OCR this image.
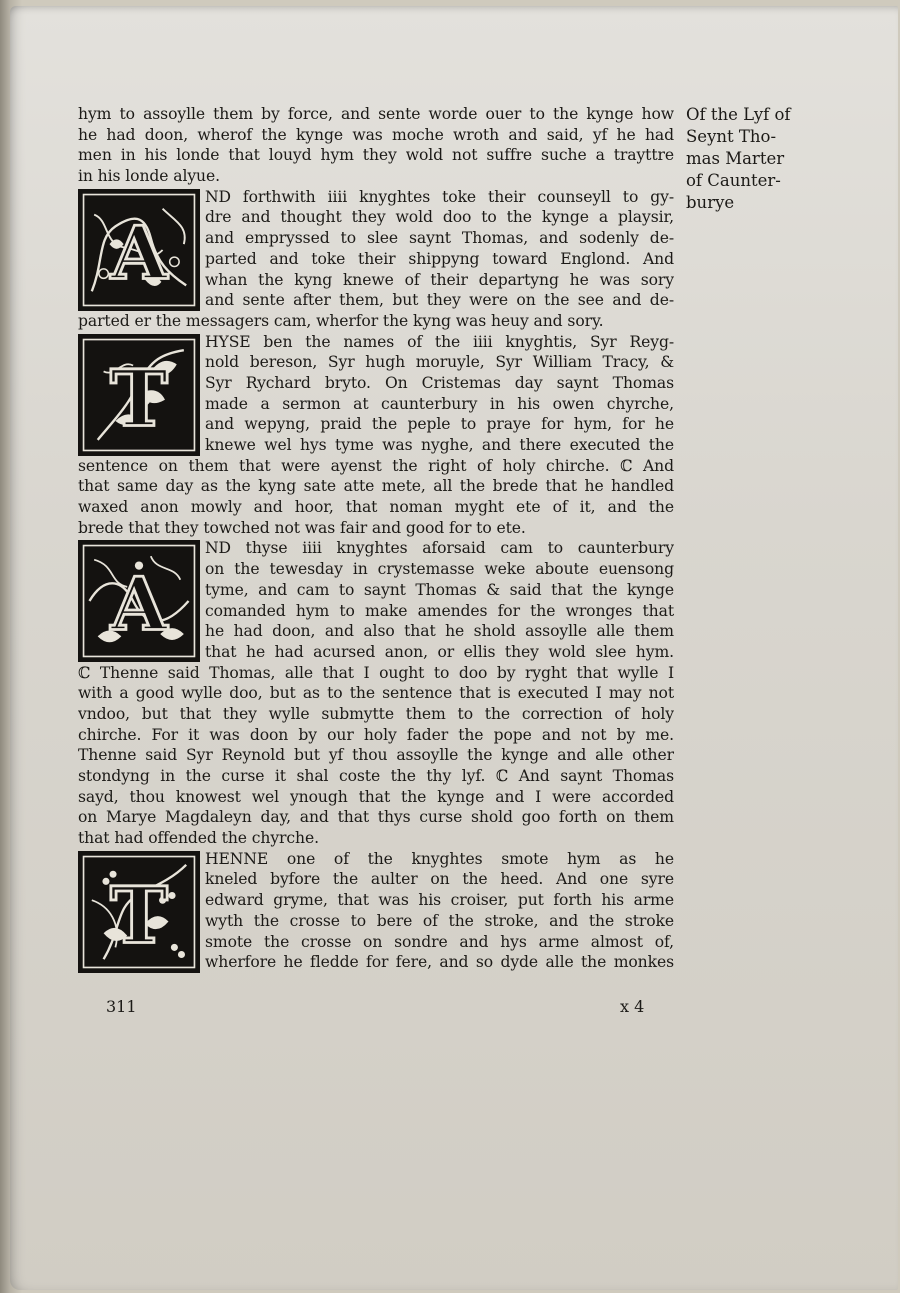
hym to assoylle them by force, and sente worde ouer to the kynge how
he had doon, wherof the kynge was moche wroth and said, yf he had
men in his londe that louyd hym they wold not suffre suche a trayttre
in his londe alyue.
A
ND forthwith iiii knyghtes toke their counseyll to gy-
dre and thought they wold doo to the kynge a playsir,
and empryssed to slee saynt Thomas, and sodenly de-
parted and toke their shippyng toward Englond. And
whan the kyng knewe of their departyng he was sory
and sente after them, but they were on the see and de-
parted er the messagers cam, wherfor the kyng was heuy and sory.
T
HYSE ben the names of the iiii knyghtis, Syr Reyg-
nold bereson, Syr hugh moruyle, Syr William Tracy, &
Syr Rychard bryto. On Cristemas day saynt Thomas
made a sermon at caunterbury in his owen chyrche,
and wepyng, praid the peple to praye for hym, for he
knewe wel hys tyme was nyghe, and there executed the
sentence on them that were ayenst the right of holy chirche. ℂ And
that same day as the kyng sate atte mete, all the brede that he handled
waxed anon mowly and hoor, that noman myght ete of it, and the
brede that they towched not was fair and good for to ete.
A
ND thyse iiii knyghtes aforsaid cam to caunterbury
on the tewesday in crystemasse weke aboute euensong
tyme, and cam to saynt Thomas & said that the kynge
comanded hym to make amendes for the wronges that
he had doon, and also that he shold assoylle alle them
that he had acursed anon, or ellis they wold slee hym.
ℂ Thenne said Thomas, alle that I ought to doo by ryght that wylle I
with a good wylle doo, but as to the sentence that is executed I may not
vndoo, but that they wylle submytte them to the correction of holy
chirche. For it was doon by our holy fader the pope and not by me.
Thenne said Syr Reynold but yf thou assoylle the kynge and alle other
stondyng in the curse it shal coste the thy lyf. ℂ And saynt Thomas
sayd, thou knowest wel ynough that the kynge and I were accorded
on Marye Magdaleyn day, and that thys curse shold goo forth on them
that had offended the chyrche.
T
HENNE one of the knyghtes smote hym as he
kneled byfore the aulter on the heed. And one syre
edward gryme, that was his croiser, put forth his arme
wyth the crosse to bere of the stroke, and the stroke
smote the crosse on sondre and hys arme almost of,
wherfore he fledde for fere, and so dyde alle the monkes
Of the Lyf of
Seynt Tho-
mas Marter
of Caunter-
burye
311	x 4
